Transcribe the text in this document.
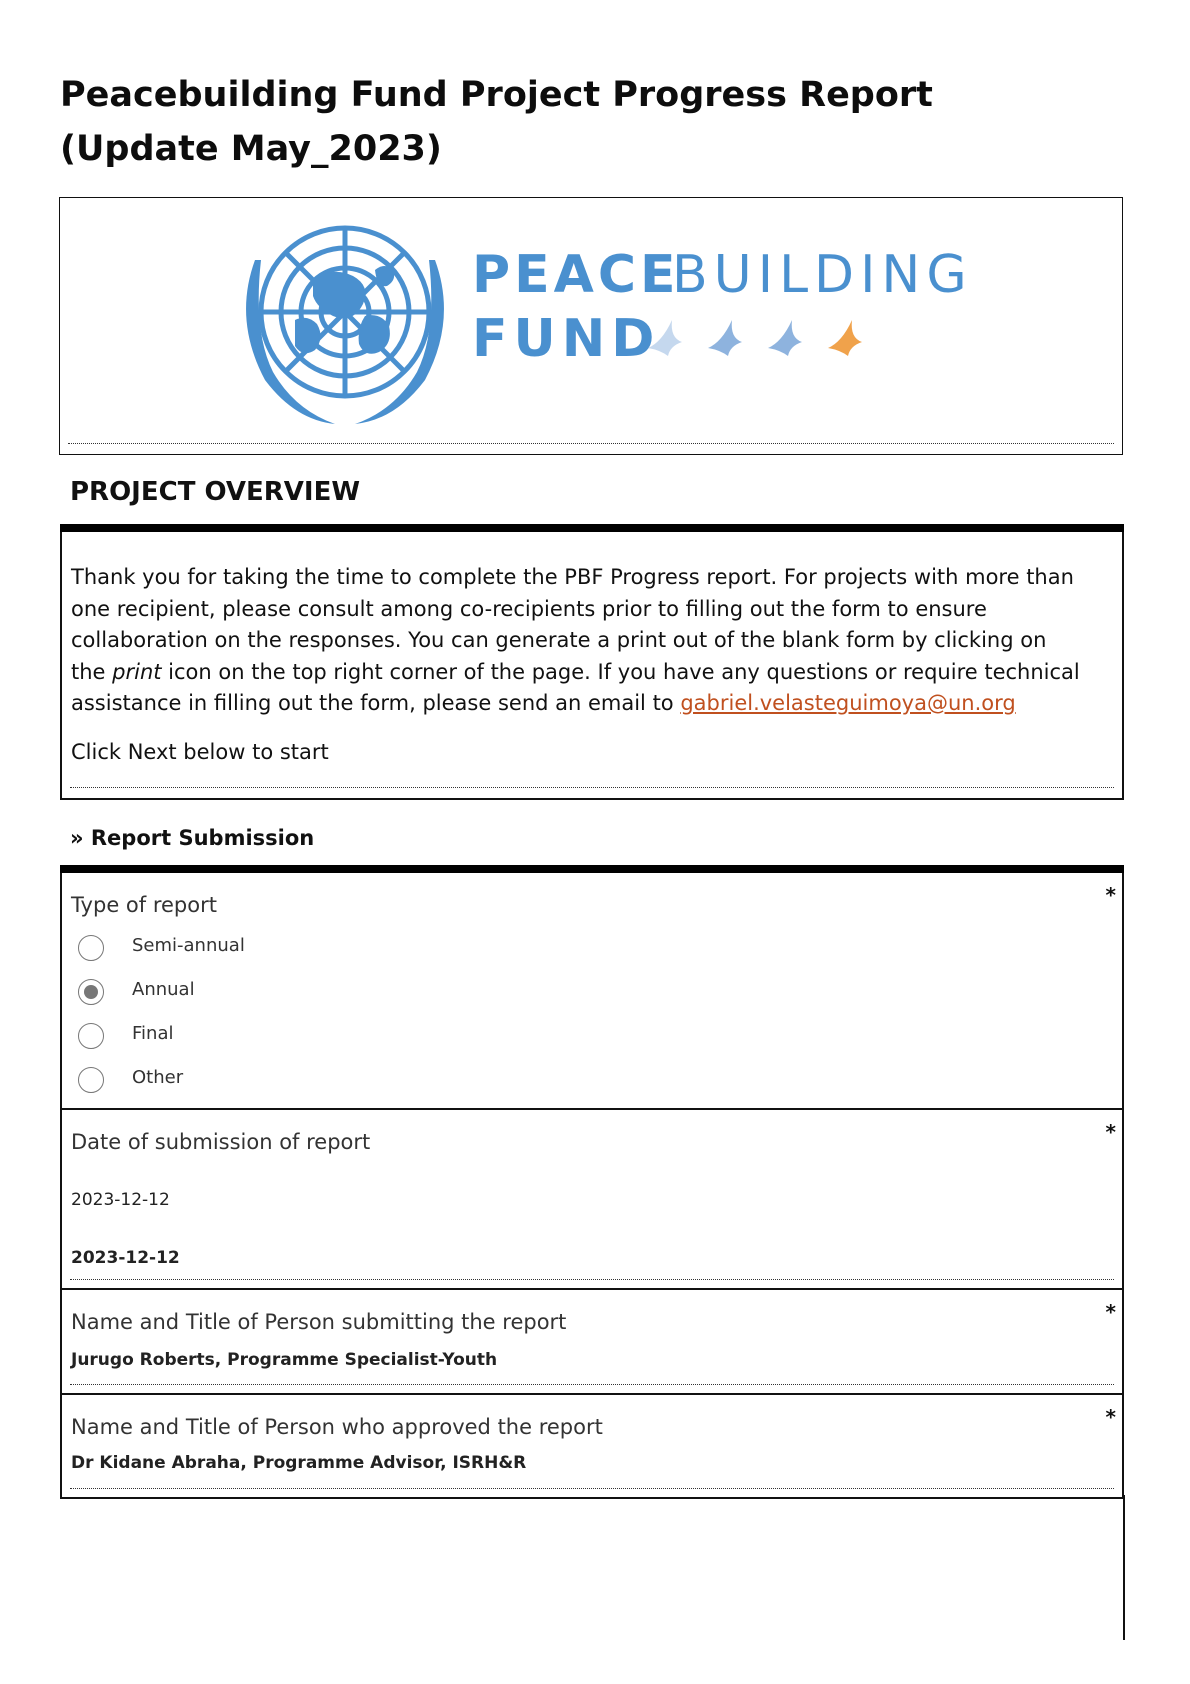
Peacebuilding Fund Project Progress Report (Update May_2023)
PEACE
BUILDING
FUND
PROJECT OVERVIEW

Thank you for taking the time to complete the PBF Progress report. For projects with more than one recipient, please consult among co-recipients prior to filling out the form to ensure collaboration on the responses. You can generate a print out of the blank form by clicking on the print icon on the top right corner of the page. If you have any questions or require technical assistance in filling out the form, please send an email to gabriel.velasteguimoya@un.org

Click Next below to start

» Report Submission
*

Type of report

Semi-annual
Annual
Final
Other
*

Date of submission of report

2023-12-12
2023-12-12
*

Name and Title of Person submitting the report

Jurugo Roberts, Programme Specialist-Youth
*

Name and Title of Person who approved the report

Dr Kidane Abraha, Programme Advisor, ISRH&R
